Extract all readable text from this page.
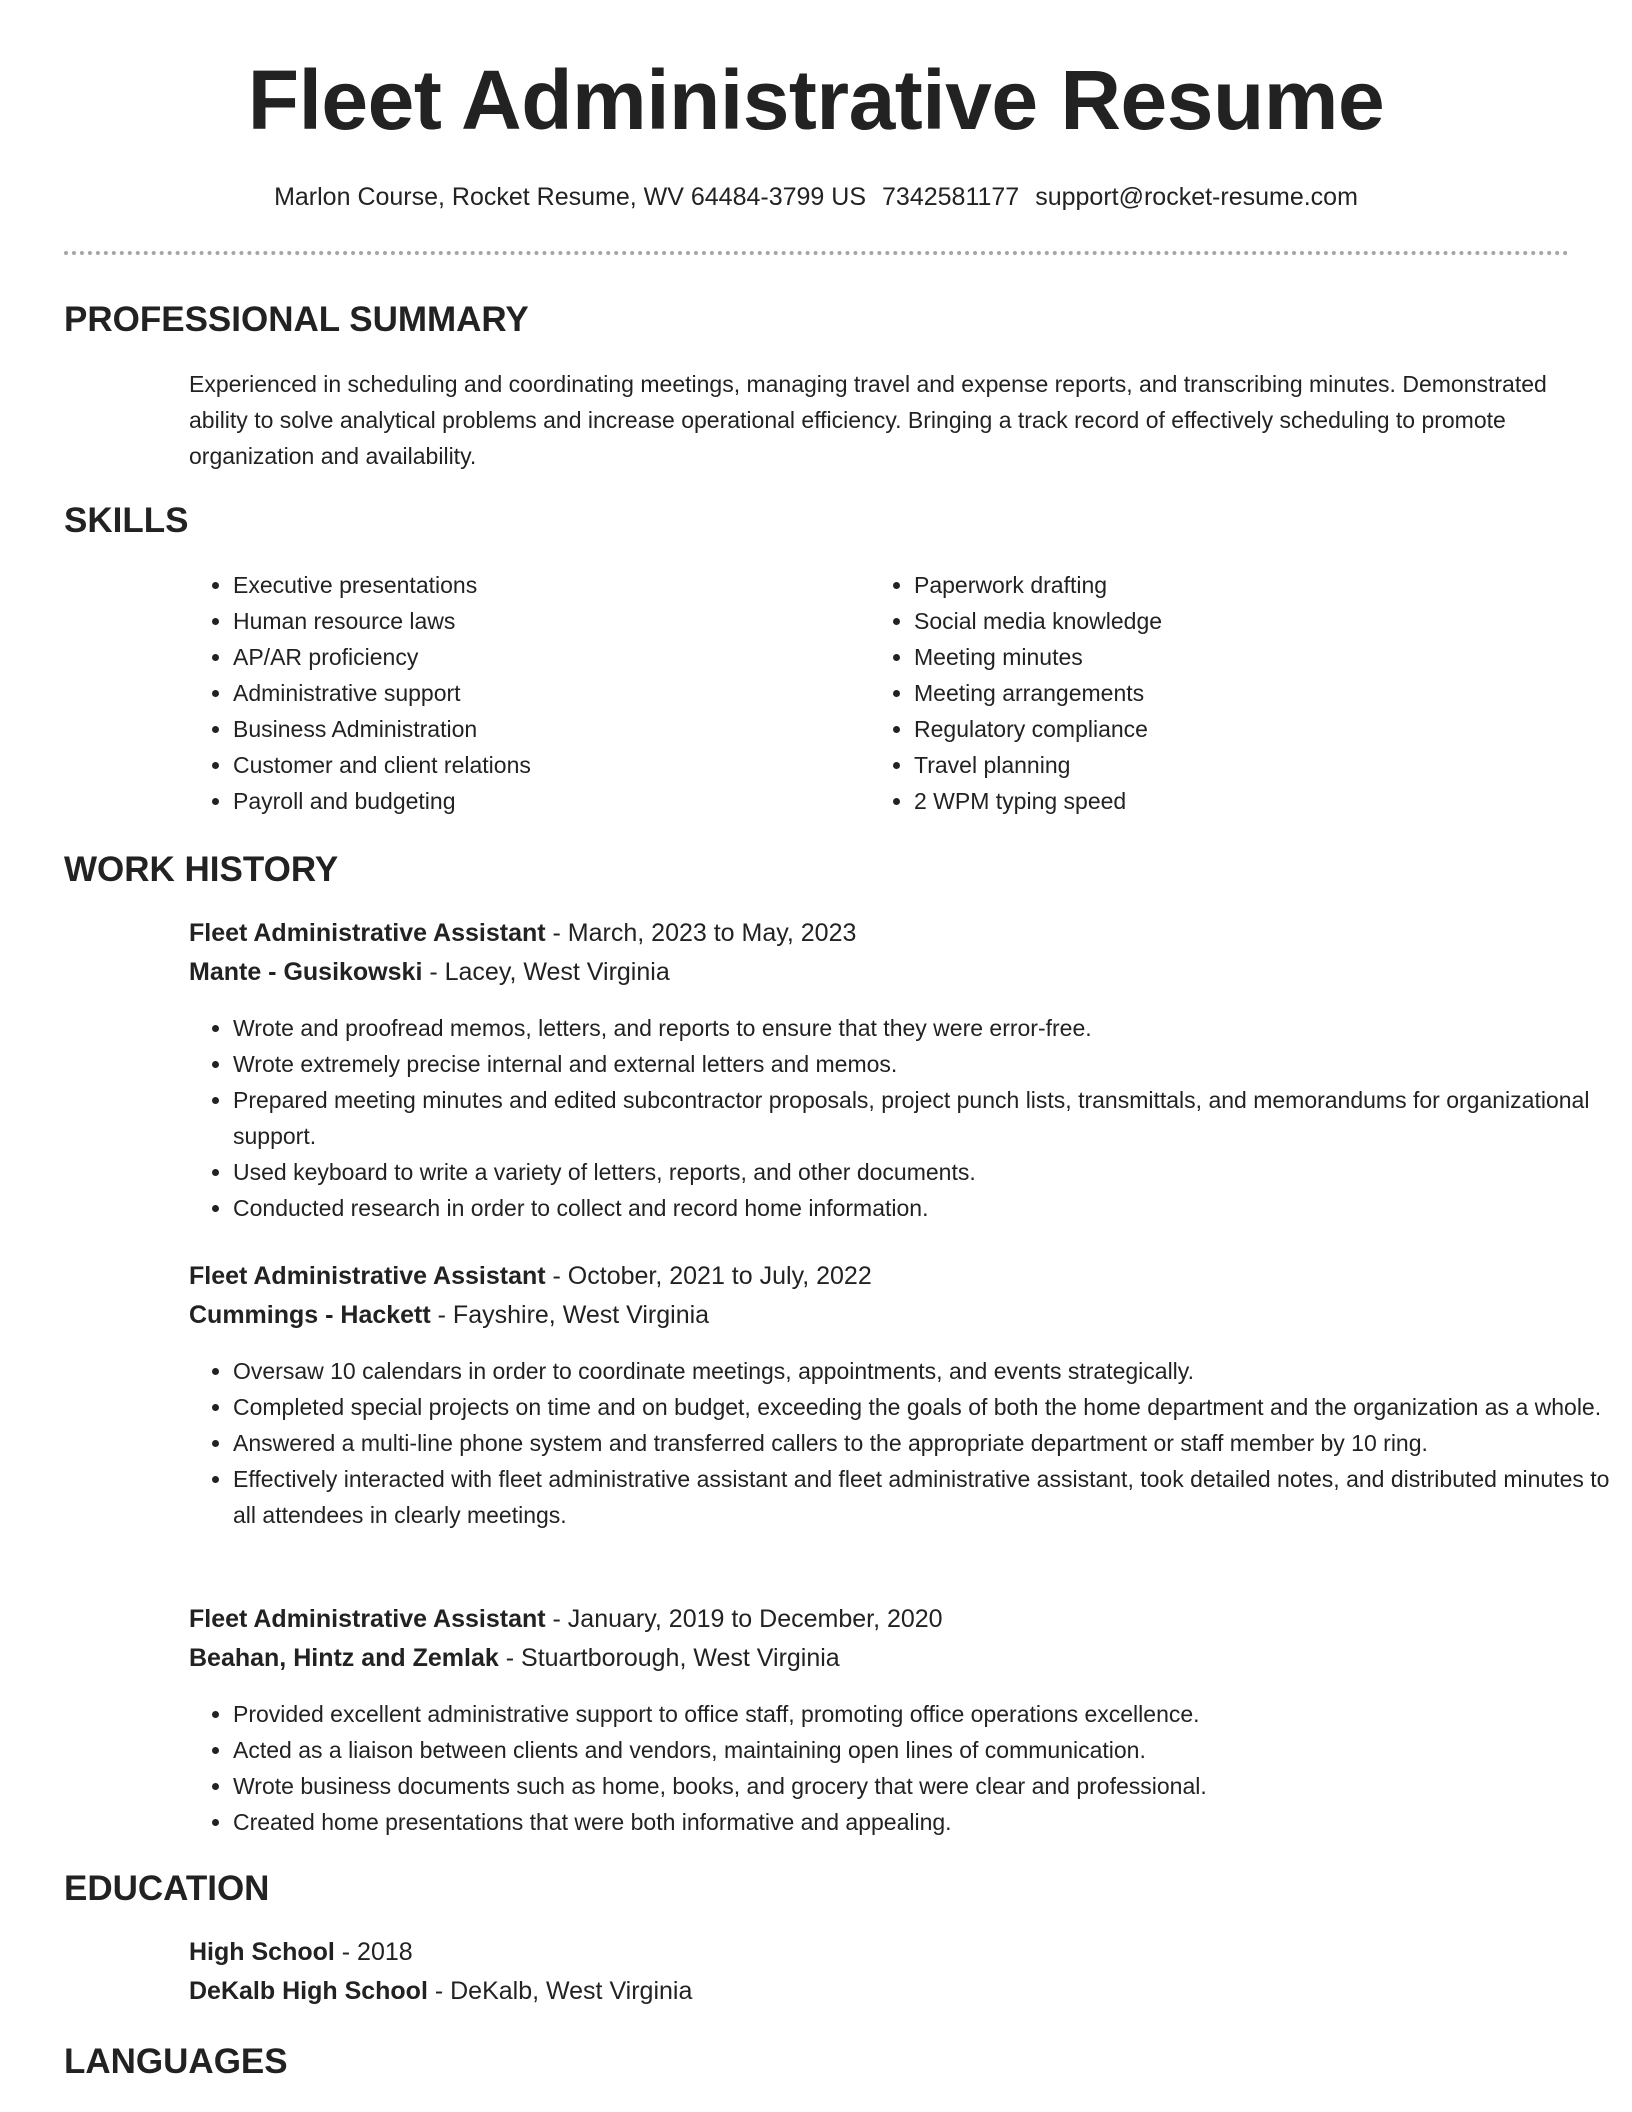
Fleet Administrative Resume
Marlon Course, Rocket Resume, WV 64484-3799 US 7342581177 support@rocket-resume.com
PROFESSIONAL SUMMARY

Experienced in scheduling and coordinating meetings, managing travel and expense reports, and transcribing minutes. Demonstrated ability to solve analytical problems and increase operational efficiency. Bringing a track record of effectively scheduling to promote organization and availability.

SKILLS
• Executive presentations
• Human resource laws
• AP/AR proficiency
• Administrative support
• Business Administration
• Customer and client relations
• Payroll and budgeting
• Paperwork drafting
• Social media knowledge
• Meeting minutes
• Meeting arrangements
• Regulatory compliance
• Travel planning
• 2 WPM typing speed
WORK HISTORY

Fleet Administrative Assistant - March, 2023 to May, 2023

Mante - Gusikowski - Lacey, West Virginia

• Wrote and proofread memos, letters, and reports to ensure that they were error-free.
• Wrote extremely precise internal and external letters and memos.
• Prepared meeting minutes and edited subcontractor proposals, project punch lists, transmittals, and memorandums for organizational support.
• Used keyboard to write a variety of letters, reports, and other documents.
• Conducted research in order to collect and record home information.

Fleet Administrative Assistant - October, 2021 to July, 2022

Cummings - Hackett - Fayshire, West Virginia

• Oversaw 10 calendars in order to coordinate meetings, appointments, and events strategically.
• Completed special projects on time and on budget, exceeding the goals of both the home department and the organization as a whole.
• Answered a multi-line phone system and transferred callers to the appropriate department or staff member by 10 ring.
• Effectively interacted with fleet administrative assistant and fleet administrative assistant, took detailed notes, and distributed minutes to all attendees in clearly meetings.

Fleet Administrative Assistant - January, 2019 to December, 2020

Beahan, Hintz and Zemlak - Stuartborough, West Virginia

• Provided excellent administrative support to office staff, promoting office operations excellence.
• Acted as a liaison between clients and vendors, maintaining open lines of communication.
• Wrote business documents such as home, books, and grocery that were clear and professional.
• Created home presentations that were both informative and appealing.
EDUCATION

High School - 2018

DeKalb High School - DeKalb, West Virginia

LANGUAGES
